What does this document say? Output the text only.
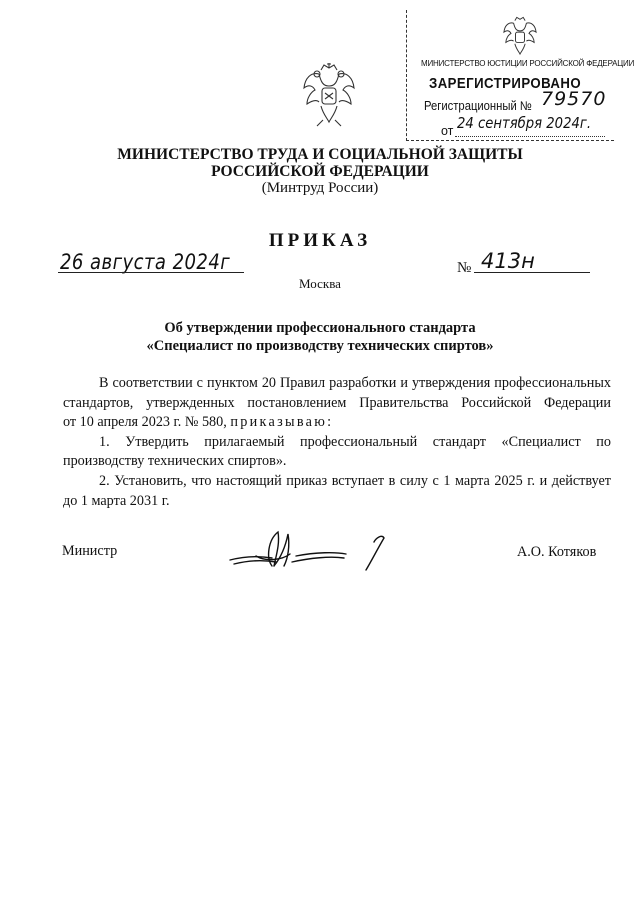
МИНИСТЕРСТВО ЮСТИЦИИ РОССИЙСКОЙ ФЕДЕРАЦИИ
ЗАРЕГИСТРИРОВАНО
Регистрационный № 79570
от 24 сентября 2024г.
МИНИСТЕРСТВО ТРУДА И СОЦИАЛЬНОЙ ЗАЩИТЫ
РОССИЙСКОЙ ФЕДЕРАЦИИ
(Минтруд России)
ПРИКАЗ
26 августа 2024г	№ 413н
Москва
Об утверждении профессионального стандарта
«Специалист по производству технических спиртов»
В соответствии с пунктом 20 Правил разработки и утверждения профессиональных
стандартов, утвержденных постановлением Правительства Российской Федерации
от 10 апреля 2023 г. № 580, приказываю:
1. Утвердить прилагаемый профессиональный стандарт «Специалист по
производству технических спиртов».
2. Установить, что настоящий приказ вступает в силу с 1 марта 2025 г. и действует
до 1 марта 2031 г.
Министр	А.О. Котяков
